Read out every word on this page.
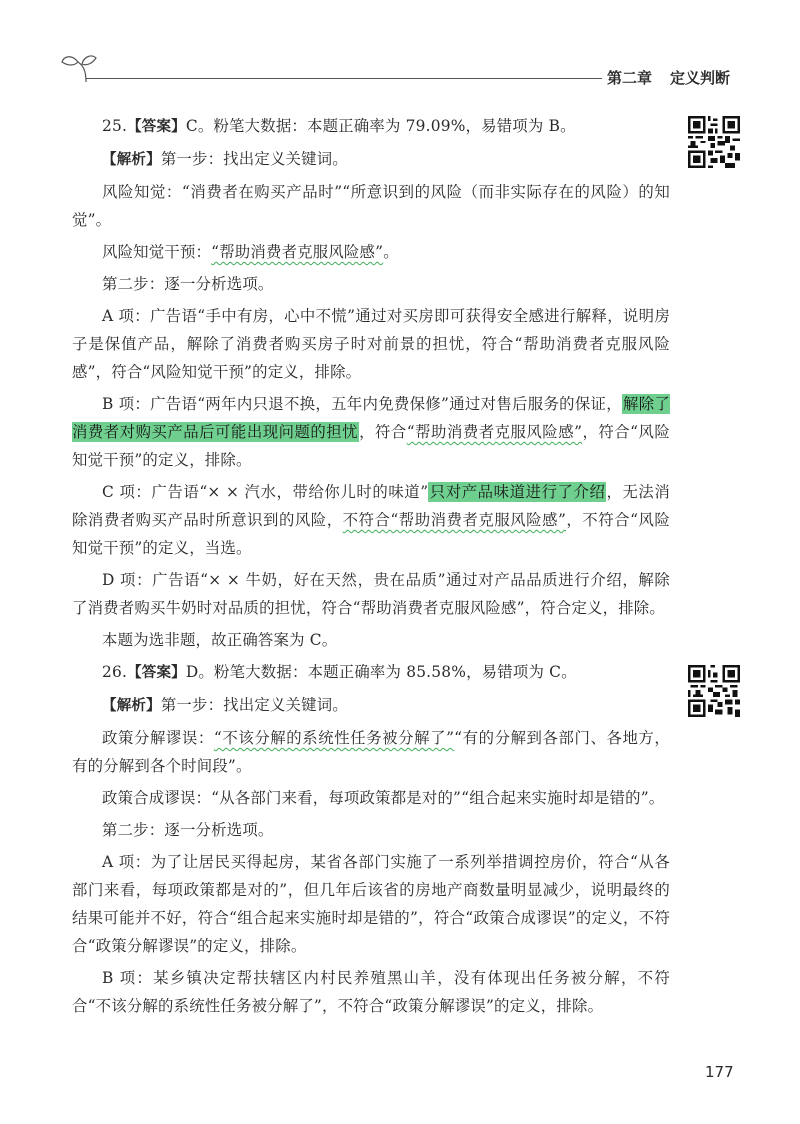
第二章 定义判断

25.【答案】C。粉笔大数据：本题正确率为 79.09%，易错项为 B。

【解析】第一步：找出定义关键词。

风险知觉：“消费者在购买产品时”“所意识到的风险（而非实际存在的风险）的知觉”。

风险知觉干预：“帮助消费者克服风险感”。

第二步：逐一分析选项。

A 项：广告语“手中有房，心中不慌”通过对买房即可获得安全感进行解释，说明房子是保值产品，解除了消费者购买房子时对前景的担忧，符合“帮助消费者克服风险感”，符合“风险知觉干预”的定义，排除。

B 项：广告语“两年内只退不换，五年内免费保修”通过对售后服务的保证，解除了消费者对购买产品后可能出现问题的担忧，符合“帮助消费者克服风险感”，符合“风险知觉干预”的定义，排除。

C 项：广告语“× × 汽水，带给你儿时的味道”只对产品味道进行了介绍，无法消除消费者购买产品时所意识到的风险，不符合“帮助消费者克服风险感”，不符合“风险知觉干预”的定义，当选。

D 项：广告语“× × 牛奶，好在天然，贵在品质”通过对产品品质进行介绍，解除了消费者购买牛奶时对品质的担忧，符合“帮助消费者克服风险感”，符合定义，排除。

本题为选非题，故正确答案为 C。

26.【答案】D。粉笔大数据：本题正确率为 85.58%，易错项为 C。

【解析】第一步：找出定义关键词。

政策分解谬误：“不该分解的系统性任务被分解了”“有的分解到各部门、各地方，有的分解到各个时间段”。

政策合成谬误：“从各部门来看，每项政策都是对的”“组合起来实施时却是错的”。

第二步：逐一分析选项。

A 项：为了让居民买得起房，某省各部门实施了一系列举措调控房价，符合“从各部门来看，每项政策都是对的”，但几年后该省的房地产商数量明显减少，说明最终的结果可能并不好，符合“组合起来实施时却是错的”，符合“政策合成谬误”的定义，不符合“政策分解谬误”的定义，排除。

B 项：某乡镇决定帮扶辖区内村民养殖黑山羊，没有体现出任务被分解，不符合“不该分解的系统性任务被分解了”，不符合“政策分解谬误”的定义，排除。

177
